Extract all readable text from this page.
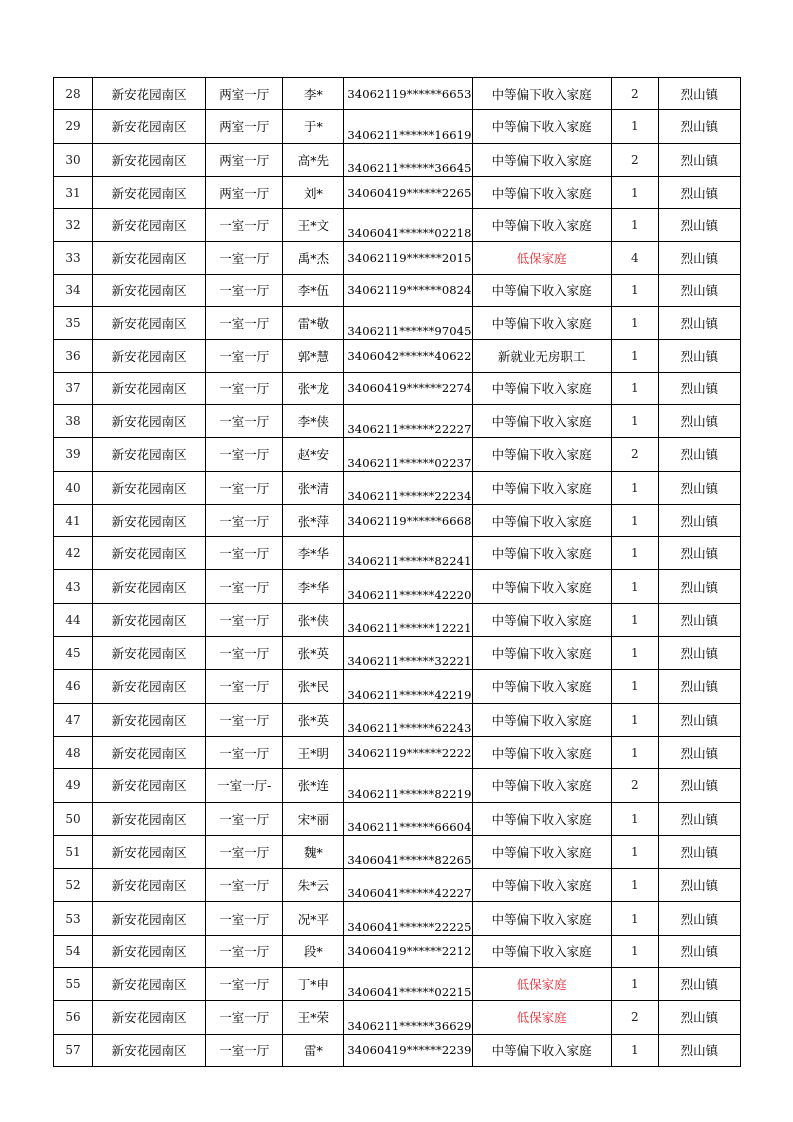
28	新安花园南区	两室一厅	李*	34062119******6653	中等偏下收入家庭	2	烈山镇
29	新安花园南区	两室一厅	于*	3406211******16619	中等偏下收入家庭	1	烈山镇
30	新安花园南区	两室一厅	高*先	3406211******36645	中等偏下收入家庭	2	烈山镇
31	新安花园南区	两室一厅	刘*	34060419******2265	中等偏下收入家庭	1	烈山镇
32	新安花园南区	一室一厅	王*文	3406041******02218	中等偏下收入家庭	1	烈山镇
33	新安花园南区	一室一厅	禹*杰	34062119******2015	低保家庭	4	烈山镇
34	新安花园南区	一室一厅	李*伍	34062119******0824	中等偏下收入家庭	1	烈山镇
35	新安花园南区	一室一厅	雷*敬	3406211******97045	中等偏下收入家庭	1	烈山镇
36	新安花园南区	一室一厅	郭*慧	3406042******40622	新就业无房职工	1	烈山镇
37	新安花园南区	一室一厅	张*龙	34060419******2274	中等偏下收入家庭	1	烈山镇
38	新安花园南区	一室一厅	李*侠	3406211******22227	中等偏下收入家庭	1	烈山镇
39	新安花园南区	一室一厅	赵*安	3406211******02237	中等偏下收入家庭	2	烈山镇
40	新安花园南区	一室一厅	张*清	3406211******22234	中等偏下收入家庭	1	烈山镇
41	新安花园南区	一室一厅	张*萍	34062119******6668	中等偏下收入家庭	1	烈山镇
42	新安花园南区	一室一厅	李*华	3406211******82241	中等偏下收入家庭	1	烈山镇
43	新安花园南区	一室一厅	李*华	3406211******42220	中等偏下收入家庭	1	烈山镇
44	新安花园南区	一室一厅	张*侠	3406211******12221	中等偏下收入家庭	1	烈山镇
45	新安花园南区	一室一厅	张*英	3406211******32221	中等偏下收入家庭	1	烈山镇
46	新安花园南区	一室一厅	张*民	3406211******42219	中等偏下收入家庭	1	烈山镇
47	新安花园南区	一室一厅	张*英	3406211******62243	中等偏下收入家庭	1	烈山镇
48	新安花园南区	一室一厅	王*明	34062119******2222	中等偏下收入家庭	1	烈山镇
49	新安花园南区	一室一厅-	张*连	3406211******82219	中等偏下收入家庭	2	烈山镇
50	新安花园南区	一室一厅	宋*丽	3406211******66604	中等偏下收入家庭	1	烈山镇
51	新安花园南区	一室一厅	魏*	3406041******82265	中等偏下收入家庭	1	烈山镇
52	新安花园南区	一室一厅	朱*云	3406041******42227	中等偏下收入家庭	1	烈山镇
53	新安花园南区	一室一厅	况*平	3406041******22225	中等偏下收入家庭	1	烈山镇
54	新安花园南区	一室一厅	段*	34060419******2212	中等偏下收入家庭	1	烈山镇
55	新安花园南区	一室一厅	丁*申	3406041******02215	低保家庭	1	烈山镇
56	新安花园南区	一室一厅	王*荣	3406211******36629	低保家庭	2	烈山镇
57	新安花园南区	一室一厅	雷*	34060419******2239	中等偏下收入家庭	1	烈山镇
